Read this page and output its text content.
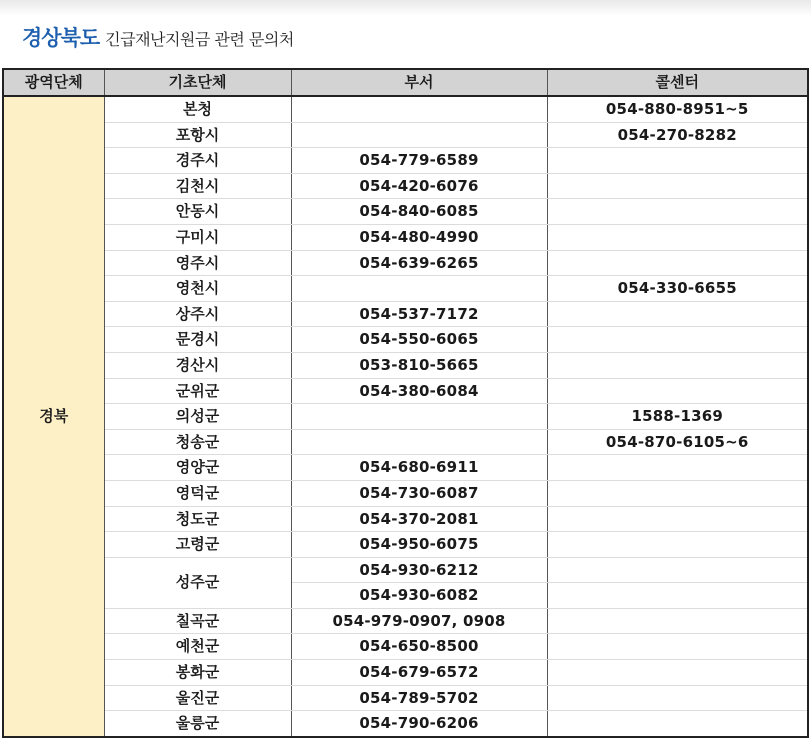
경상북도 긴급재난지원금 관련 문의처
광역단체	기초단체	부서	콜센터
경북	본청		054-880-8951~5
	포항시		054-270-8282
	경주시	054-779-6589	
	김천시	054-420-6076	
	안동시	054-840-6085	
	구미시	054-480-4990	
	영주시	054-639-6265	
	영천시		054-330-6655
	상주시	054-537-7172	
	문경시	054-550-6065	
	경산시	053-810-5665	
	군위군	054-380-6084	
	의성군		1588-1369
	청송군		054-870-6105~6
	영양군	054-680-6911	
	영덕군	054-730-6087	
	청도군	054-370-2081	
	고령군	054-950-6075	
	성주군	054-930-6212	
		054-930-6082	
	칠곡군	054-979-0907, 0908	
	예천군	054-650-8500	
	봉화군	054-679-6572	
	울진군	054-789-5702	
	울릉군	054-790-6206	
